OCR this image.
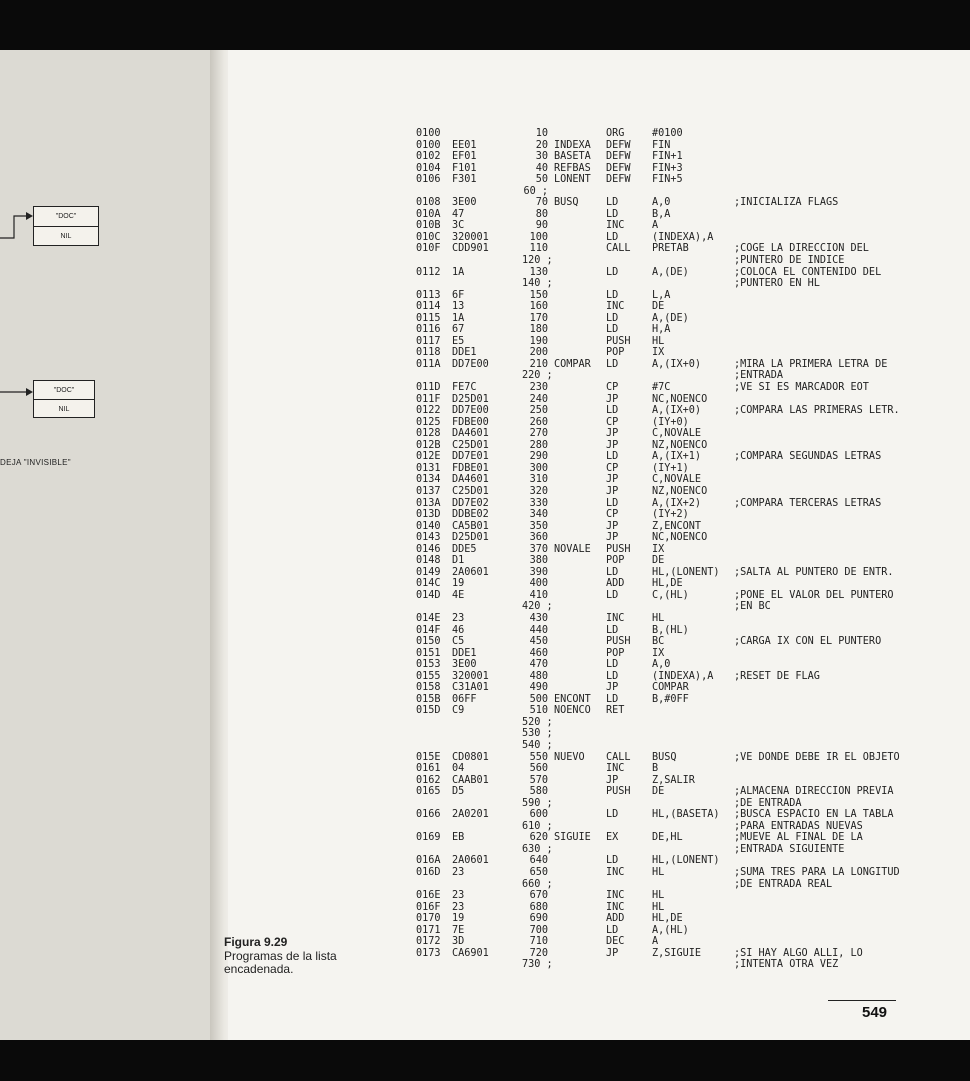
"DOC"
NIL
"DOC"
NIL
DEJA "INVISIBLE"
Figura 9.29
Programas de la lista encadenada.
0100	10	ORG	#0100
0100 EE01	20 INDEXA DEFW FIN
0102 EF01	30 BASETA DEFW FIN+1
0104 F101	40 REFBAS DEFW FIN+3
0106 F301	50 LONENT DEFW FIN+5
60 ;
0108 3E00	70 BUSQ	LD	A,0	;INICIALIZA FLAGS
010A 47	80	LD	B,A
010B 3C	90	INC	A
010C 320001	100	LD	(INDEXA),A
010F CDD901	110	CALL PRETAB	;COGE LA DIRECCION DEL
120 ;	;PUNTERO DE INDICE
0112 1A	130	LD	A,(DE)	;COLOCA EL CONTENIDO DEL
140 ;	;PUNTERO EN HL
0113 6F	150	LD	L,A
0114 13	160	INC	DE
0115 1A	170	LD	A,(DE)
0116 67	180	LD	H,A
0117 E5	190	PUSH HL
0118 DDE1	200	POP	IX
011A DD7E00	210 COMPAR LD	A,(IX+0)	;MIRA LA PRIMERA LETRA DE
220 ;	;ENTRADA
011D FE7C	230	CP	#7C	;VE SI ES MARCADOR EOT
011F D25D01	240	JP	NC,NOENCO
0122 DD7E00	250	LD	A,(IX+0)	;COMPARA LAS PRIMERAS LETR.
0125 FDBE00	260	CP	(IY+0)
0128 DA4601	270	JP	C,NOVALE
012B C25D01	280	JP	NZ,NOENCO
012E DD7E01	290	LD	A,(IX+1)	;COMPARA SEGUNDAS LETRAS
0131 FDBE01	300	CP	(IY+1)
0134 DA4601	310	JP	C,NOVALE
0137 C25D01	320	JP	NZ,NOENCO
013A DD7E02	330	LD	A,(IX+2)	;COMPARA TERCERAS LETRAS
013D DDBE02	340	CP	(IY+2)
0140 CA5B01	350	JP	Z,ENCONT
0143 D25D01	360	JP	NC,NOENCO
0146 DDE5	370 NOVALE PUSH IX
0148 D1	380	POP	DE
0149 2A0601	390	LD	HL,(LONENT) ;SALTA AL PUNTERO DE ENTR.
014C 19	400	ADD	HL,DE
014D 4E	410	LD	C,(HL)	;PONE EL VALOR DEL PUNTERO
420 ;	;EN BC
014E 23	430	INC	HL
014F 46	440	LD	B,(HL)
0150 C5	450	PUSH BC	;CARGA IX CON EL PUNTERO
0151 DDE1	460	POP	IX
0153 3E00	470	LD	A,0
0155 320001	480	LD	(INDEXA),A ;RESET DE FLAG
0158 C31A01	490	JP	COMPAR
015B 06FF	500 ENCONT LD	B,#0FF
015D C9	510 NOENCO RET
520 ;
530 ;
540 ;
015E CD0801	550 NUEVO CALL BUSQ	;VE DONDE DEBE IR EL OBJETO
0161 04	560	INC	B
0162 CAAB01	570	JP	Z,SALIR
0165 D5	580	PUSH DE	;ALMACENA DIRECCION PREVIA
590 ;	;DE ENTRADA
0166 2A0201	600	LD	HL,(BASETA) ;BUSCA ESPACIO EN LA TABLA
610 ;	;PARA ENTRADAS NUEVAS
0169 EB	620 SIGUIE EX	DE,HL	;MUEVE AL FINAL DE LA
630 ;	;ENTRADA SIGUIENTE
016A 2A0601	640	LD	HL,(LONENT)
016D 23	650	INC	HL	;SUMA TRES PARA LA LONGITUD
660 ;	;DE ENTRADA REAL
016E 23	670	INC	HL
016F 23	680	INC	HL
0170 19	690	ADD	HL,DE
0171 7E	700	LD	A,(HL)
0172 3D	710	DEC	A
0173 CA6901	720	JP	Z,SIGUIE	;SI HAY ALGO ALLI, LO
730 ;	;INTENTA OTRA VEZ
549
